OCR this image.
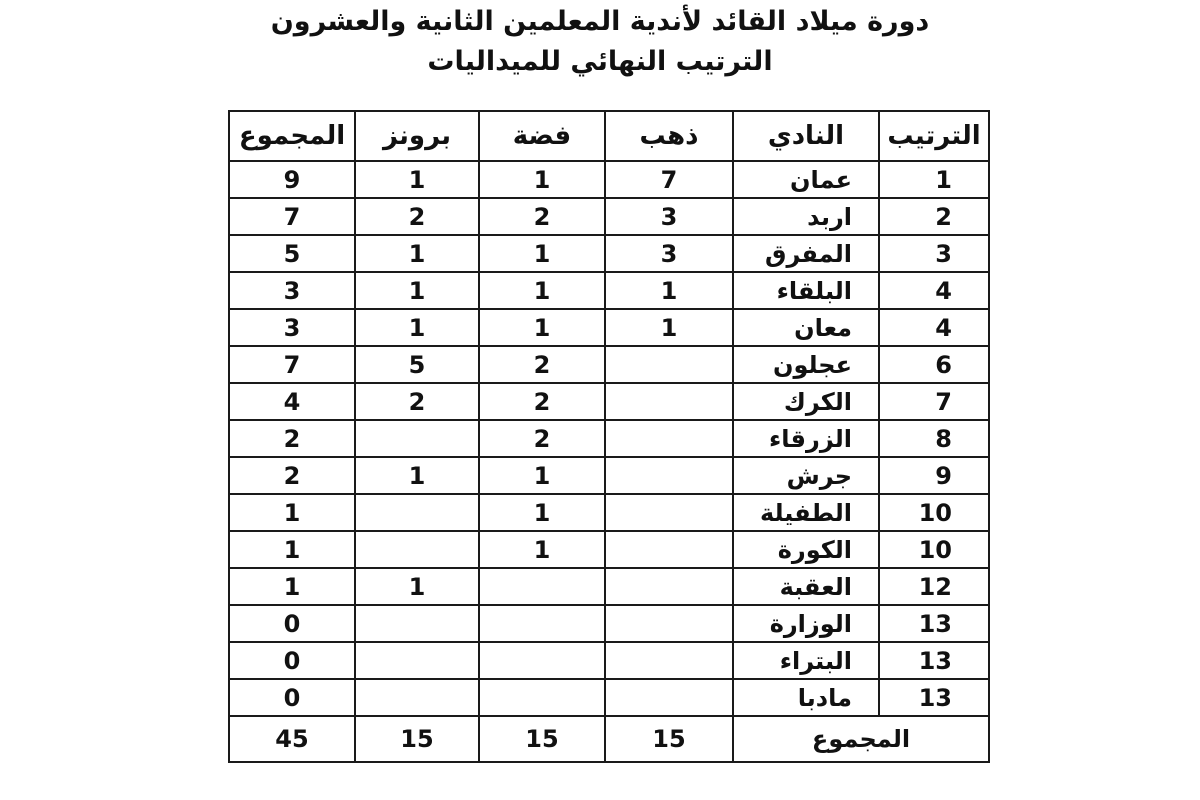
دورة ميلاد القائد لأندية المعلمين الثانية والعشرون
الترتيب النهائي للميداليات
الترتيب	النادي	ذهب	فضة	برونز	المجموع
1	عمان	7	1	1	9
2	اربد	3	2	2	7
3	المفرق	3	1	1	5
4	البلقاء	1	1	1	3
4	معان	1	1	1	3
6	عجلون		2	5	7
7	الكرك		2	2	4
8	الزرقاء		2		2
9	جرش		1	1	2
10	الطفيلة		1		1
10	الكورة		1		1
12	العقبة			1	1
13	الوزارة				0
13	البتراء				0
13	مادبا				0
المجموع		15	15	15	45
